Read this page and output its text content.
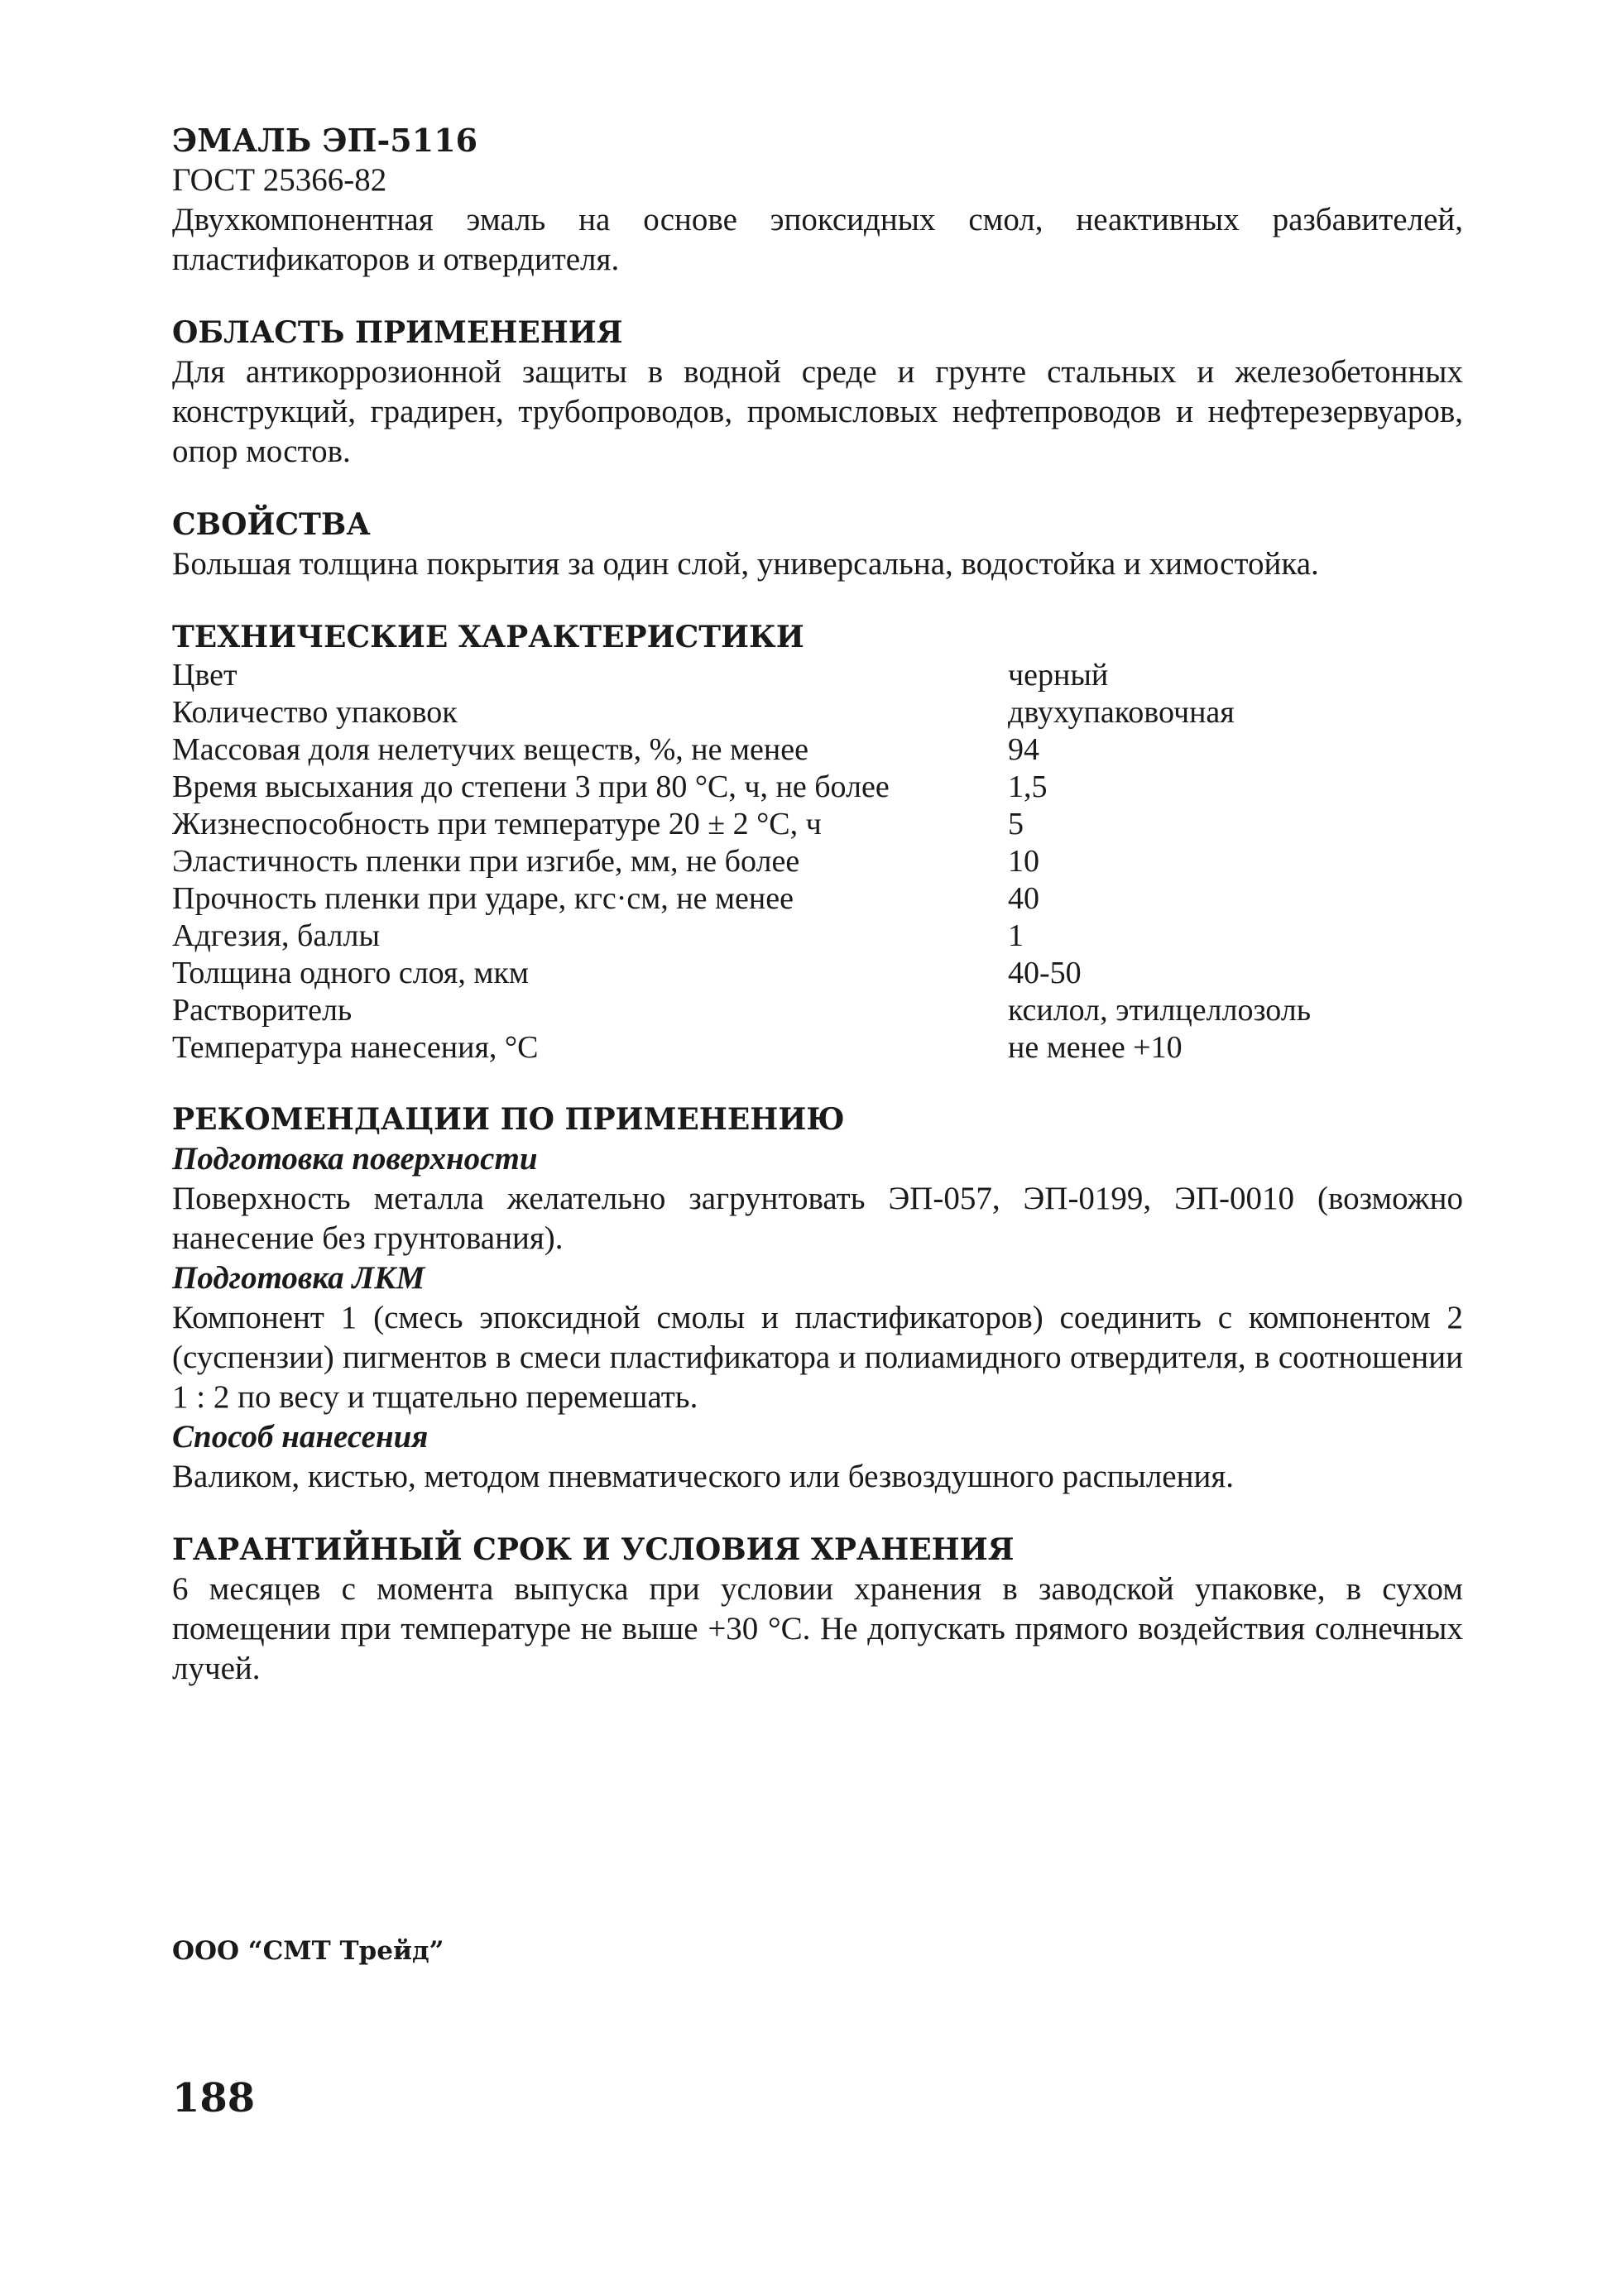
ЭМАЛЬ ЭП-5116
ГОСТ 25366-82

Двухкомпонентная эмаль на основе эпоксидных смол, неактивных разбавителей, пластификаторов и отвердителя.

ОБЛАСТЬ ПРИМЕНЕНИЯ

Для антикоррозионной защиты в водной среде и грунте стальных и железобетонных конструкций, градирен, трубопроводов, промысловых нефтепроводов и нефтерезервуаров, опор мостов.

СВОЙСТВА

Большая толщина покрытия за один слой, универсальна, водостойка и химостойка.

ТЕХНИЧЕСКИЕ ХАРАКТЕРИСТИКИ
Цвет	черный
Количество упаковок	двухупаковочная
Массовая доля нелетучих веществ, %, не менее	94
Время высыхания до степени 3 при 80 °С, ч, не более	1,5
Жизнеспособность при температуре 20 ± 2 °С, ч	5
Эластичность пленки при изгибе, мм, не более	10
Прочность пленки при ударе, кгс·см, не менее	40
Адгезия, баллы	1
Толщина одного слоя, мкм	40-50
Растворитель	ксилол, этилцеллозоль
Температура нанесения, °С	не менее +10
РЕКОМЕНДАЦИИ ПО ПРИМЕНЕНИЮ
Подготовка поверхности

Поверхность металла желательно загрунтовать ЭП-057, ЭП-0199, ЭП-0010 (возможно нанесение без грунтования).

Подготовка ЛКМ

Компонент 1 (смесь эпоксидной смолы и пластификаторов) соединить с компонентом 2 (суспензии) пигментов в смеси пластификатора и полиамидного отвердителя, в соотношении 1 : 2 по весу и тщательно перемешать.

Способ нанесения

Валиком, кистью, методом пневматического или безвоздушного распыления.

ГАРАНТИЙНЫЙ СРОК И УСЛОВИЯ ХРАНЕНИЯ

6 месяцев с момента выпуска при условии хранения в заводской упаковке, в сухом помещении при температуре не выше +30 °С. Не допускать прямого воздействия солнечных лучей.

ООО “СМТ Трейд”
188
